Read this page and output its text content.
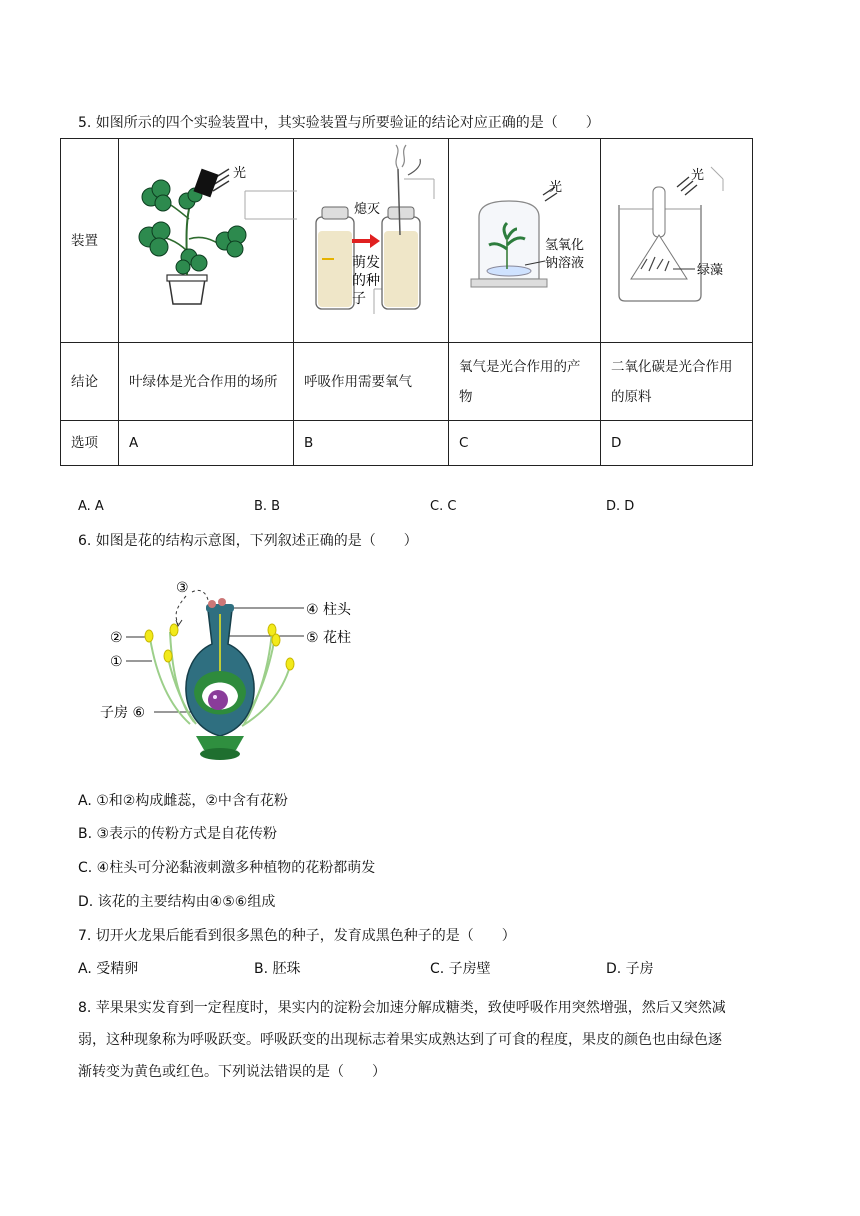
5. 如图所示的四个实验装置中，其实验装置与所要验证的结论对应正确的是（　　）
装置	光	熄灭
萌发
的种
子	光
氢氧化
钠溶液	光
绿藻

结论	叶绿体是光合作用的场所	呼吸作用需要氧气	氧气是光合作用的产物	二氧化碳是光合作用的原料
选项	A	B	C	D
A. A	B. B	C. C	D. D
6. 如图是花的结构示意图，下列叙述正确的是（　　）
③
④ 柱头
⑤ 花柱
②
①
子房 ⑥
A. ①和②构成雌蕊，②中含有花粉
B. ③表示的传粉方式是自花传粉
C. ④柱头可分泌黏液刺激多种植物的花粉都萌发
D. 该花的主要结构由④⑤⑥组成
7. 切开火龙果后能看到很多黑色的种子，发育成黑色种子的是（　　）
A. 受精卵	B. 胚珠	C. 子房壁	D. 子房
8. 苹果果实发育到一定程度时，果实内的淀粉会加速分解成糖类，致使呼吸作用突然增强，然后又突然减
弱，这种现象称为呼吸跃变。呼吸跃变的出现标志着果实成熟达到了可食的程度，果皮的颜色也由绿色逐
渐转变为黄色或红色。下列说法错误的是（　　）
